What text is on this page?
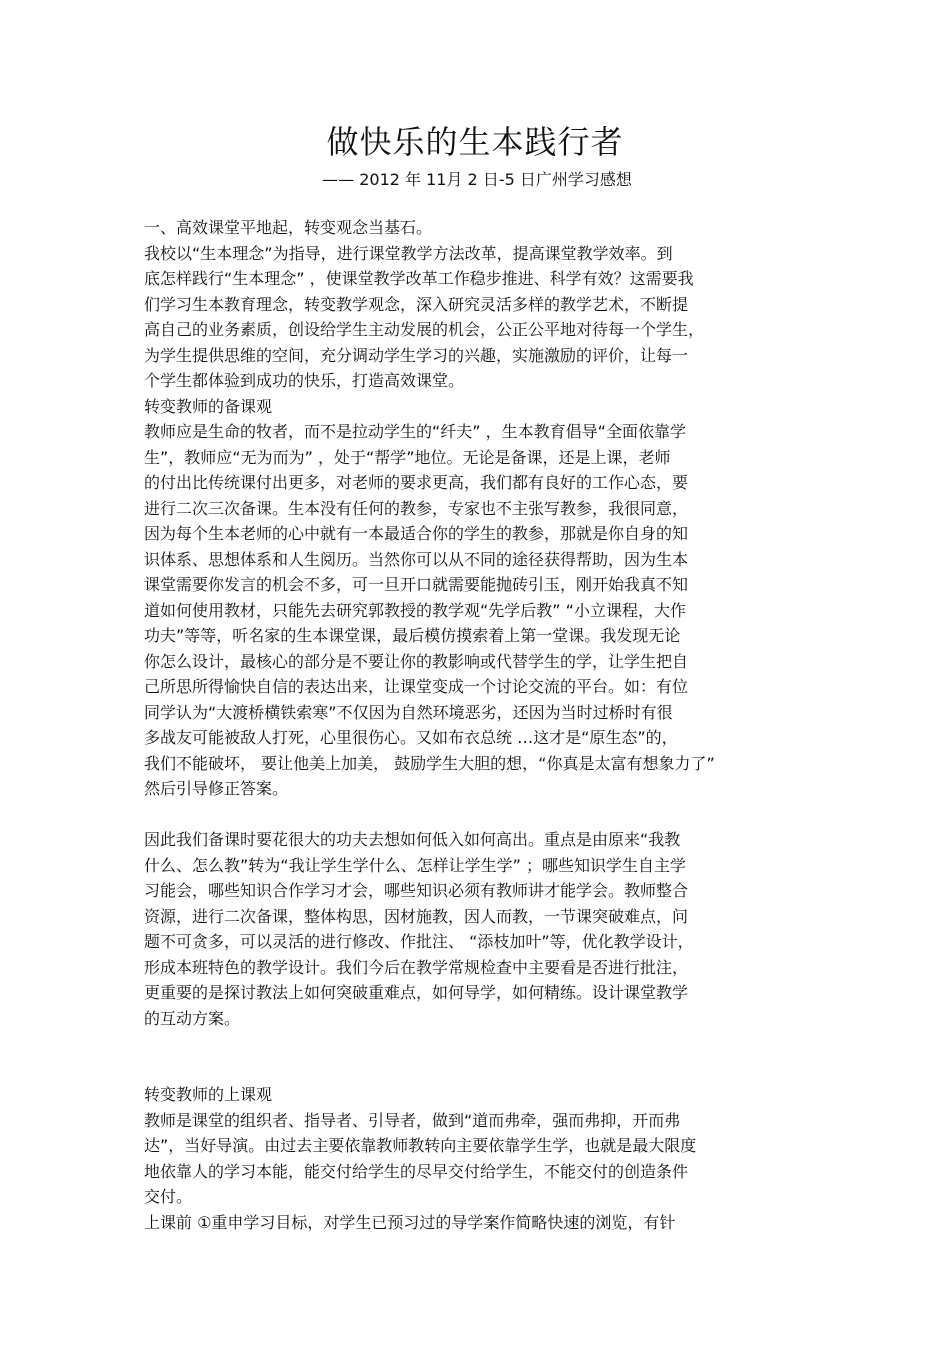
做快乐的生本践行者
—— 2012 年 11月 2 日-5 日广州学习感想
一、高效课堂平地起，转变观念当基石。
我校以“生本理念”为指导，进行课堂教学方法改革，提高课堂教学效率。到
底怎样践行“生本理念” ，使课堂教学改革工作稳步推进、科学有效？这需要我
们学习生本教育理念，转变教学观念，深入研究灵活多样的教学艺术，不断提
高自己的业务素质，创设给学生主动发展的机会，公正公平地对待每一个学生，
为学生提供思维的空间，充分调动学生学习的兴趣，实施激励的评价，让每一
个学生都体验到成功的快乐，打造高效课堂。
转变教师的备课观
教师应是生命的牧者，而不是拉动学生的“纤夫” ，生本教育倡导“全面依靠学
生”，教师应“无为而为” ，处于“帮学”地位。无论是备课，还是上课，老师
的付出比传统课付出更多，对老师的要求更高，我们都有良好的工作心态，要
进行二次三次备课。生本没有任何的教参，专家也不主张写教参，我很同意，
因为每个生本老师的心中就有一本最适合你的学生的教参，那就是你自身的知
识体系、思想体系和人生阅历。当然你可以从不同的途径获得帮助，因为生本
课堂需要你发言的机会不多，可一旦开口就需要能抛砖引玉，刚开始我真不知
道如何使用教材，只能先去研究郭教授的教学观“先学后教” “小立课程，大作
功夫”等等，听名家的生本课堂课，最后模仿摸索着上第一堂课。我发现无论
你怎么设计，最核心的部分是不要让你的教影响或代替学生的学，让学生把自
己所思所得愉快自信的表达出来，让课堂变成一个讨论交流的平台。如：有位
同学认为“大渡桥横铁索寒”不仅因为自然环境恶劣，还因为当时过桥时有很
多战友可能被敌人打死，心里很伤心。又如布衣总统 …这才是“原生态”的，
我们不能破坏， 要让他美上加美， 鼓励学生大胆的想，“你真是太富有想象力了”
然后引导修正答案。
因此我们备课时要花很大的功夫去想如何低入如何高出。重点是由原来“我教
什么、怎么教”转为“我让学生学什么、怎样让学生学” ；哪些知识学生自主学
习能会，哪些知识合作学习才会，哪些知识必须有教师讲才能学会。教师整合
资源，进行二次备课，整体构思，因材施教，因人而教，一节课突破难点，问
题不可贪多，可以灵活的进行修改、作批注、 “添枝加叶”等，优化教学设计，
形成本班特色的教学设计。我们今后在教学常规检查中主要看是否进行批注，
更重要的是探讨教法上如何突破重难点，如何导学，如何精练。设计课堂教学
的互动方案。
转变教师的上课观
教师是课堂的组织者、指导者、引导者，做到“道而弗牵，强而弗抑，开而弗
达”，当好导演。由过去主要依靠教师教转向主要依靠学生学，也就是最大限度
地依靠人的学习本能，能交付给学生的尽早交付给学生，不能交付的创造条件
交付。
上课前 ①重申学习目标，对学生已预习过的导学案作简略快速的浏览，有针
